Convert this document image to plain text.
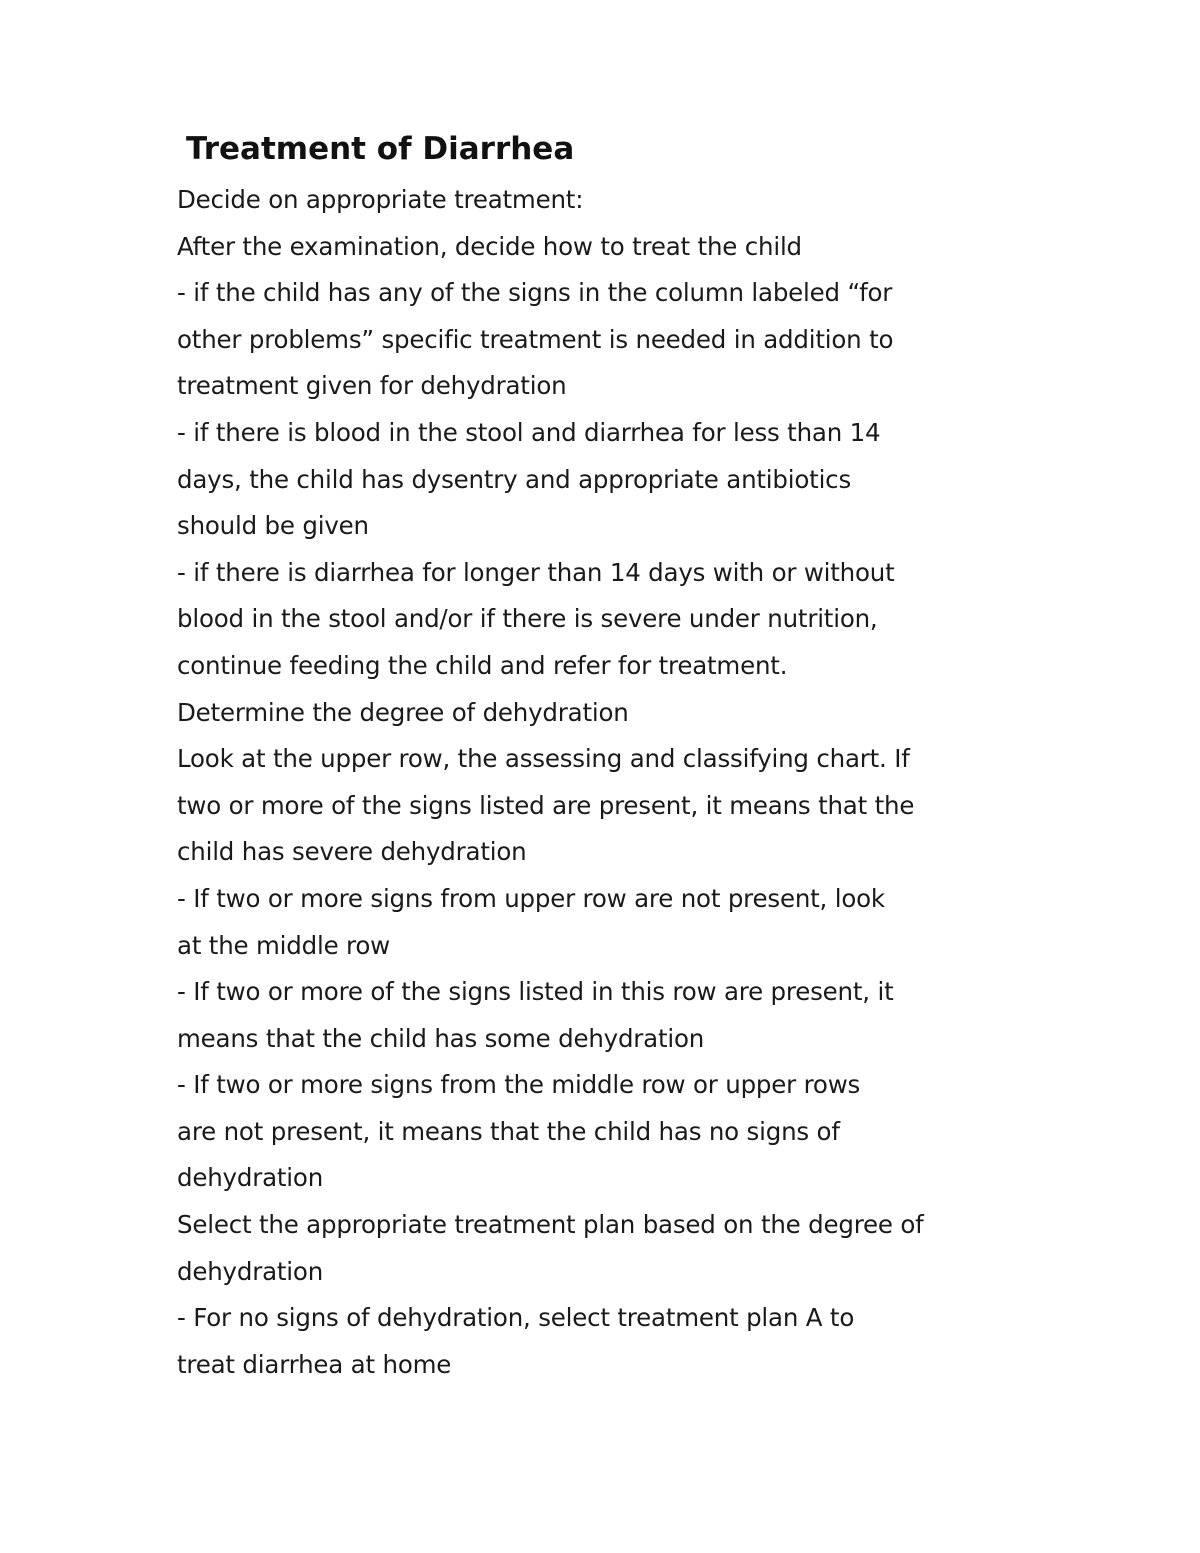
Treatment of Diarrhea
Decide on appropriate treatment:
After the examination, decide how to treat the child
- if the child has any of the signs in the column labeled “for
other problems” specific treatment is needed in addition to
treatment given for dehydration
- if there is blood in the stool and diarrhea for less than 14
days, the child has dysentry and appropriate antibiotics
should be given
- if there is diarrhea for longer than 14 days with or without
blood in the stool and/or if there is severe under nutrition,
continue feeding the child and refer for treatment.
Determine the degree of dehydration
Look at the upper row, the assessing and classifying chart. If
two or more of the signs listed are present, it means that the
child has severe dehydration
- If two or more signs from upper row are not present, look
at the middle row
- If two or more of the signs listed in this row are present, it
means that the child has some dehydration
- If two or more signs from the middle row or upper rows
are not present, it means that the child has no signs of
dehydration
Select the appropriate treatment plan based on the degree of
dehydration
- For no signs of dehydration, select treatment plan A to
treat diarrhea at home
